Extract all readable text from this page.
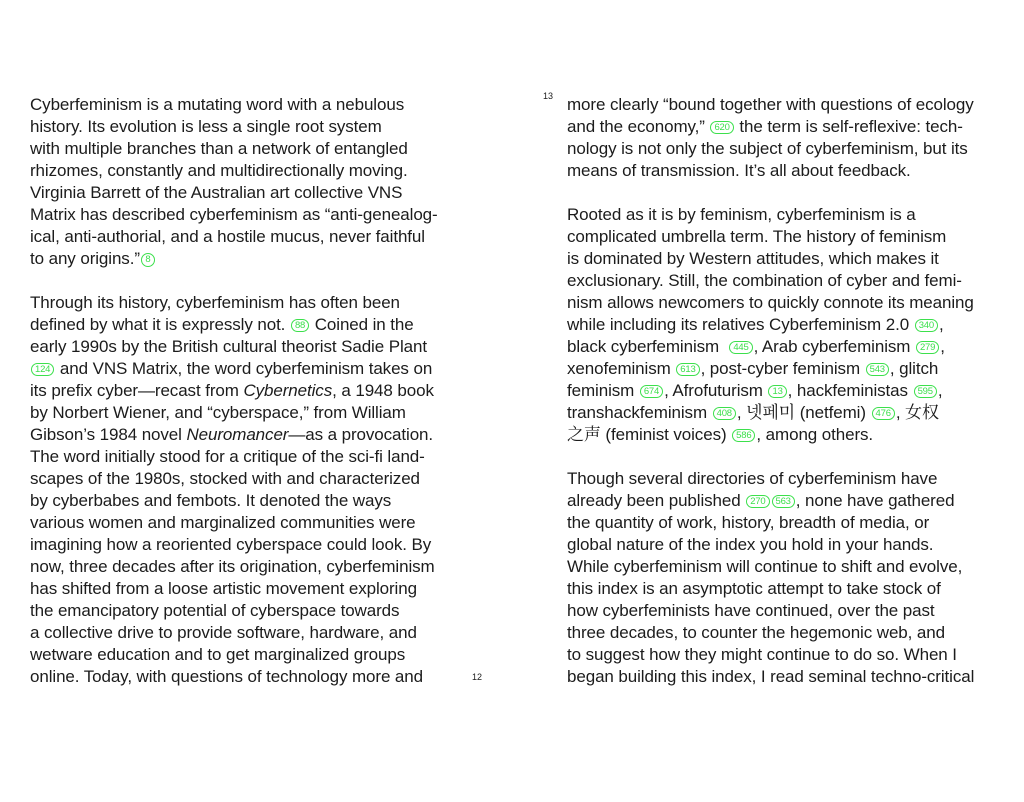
Cyberfeminism is a mutating word with a nebulous
history. Its evolution is less a single root system
with multiple branches than a network of entangled
rhizomes, constantly and multidirectionally moving.
Virginia Barrett of the Australian art collective VNS
Matrix has described cyberfeminism as “anti-genealog-
ical, anti-authorial, and a hostile mucus, never faithful
to any origins.” 8
Through its history, cyberfeminism has often been
defined by what it is expressly not. 88 Coined in the
early 1990s by the British cultural theorist Sadie Plant
124 and VNS Matrix, the word cyberfeminism takes on
its prefix cyber—recast from Cybernetics, a 1948 book
by Norbert Wiener, and “cyberspace,” from William
Gibson’s 1984 novel Neuromancer—as a provocation.
The word initially stood for a critique of the sci-fi land-
scapes of the 1980s, stocked with and characterized
by cyberbabes and fembots. It denoted the ways
various women and marginalized communities were
imagining how a reoriented cyberspace could look. By
now, three decades after its origination, cyberfeminism
has shifted from a loose artistic movement exploring
the emancipatory potential of cyberspace towards
a collective drive to provide software, hardware, and
wetware education and to get marginalized groups
online. Today, with questions of technology more and	12
13 more clearly “bound together with questions of ecology
and the economy,” 620 the term is self-reflexive: tech-
nology is not only the subject of cyberfeminism, but its
means of transmission. It’s all about feedback.
Rooted as it is by feminism, cyberfeminism is a
complicated umbrella term. The history of feminism
is dominated by Western attitudes, which makes it
exclusionary. Still, the combination of cyber and femi-
nism allows newcomers to quickly connote its meaning
while including its relatives Cyberfeminism 2.0 340 ,
black cyberfeminism  445 , Arab cyberfeminism 279 ,
xenofeminism 613 , post-cyber feminism 543 , glitch
feminism 674 , Afrofuturism 13 , hackfeministas 595 ,
transhackfeminism 408 , 넷페미 (netfemi) 476 , 女权
之声 (feminist voices) 586 , among others.
Though several directories of cyberfeminism have
already been published 270 563 , none have gathered
the quantity of work, history, breadth of media, or
global nature of the index you hold in your hands.
While cyberfeminism will continue to shift and evolve,
this index is an asymptotic attempt to take stock of
how cyberfeminists have continued, over the past
three decades, to counter the hegemonic web, and
to suggest how they might continue to do so. When I
began building this index, I read seminal techno-critical
